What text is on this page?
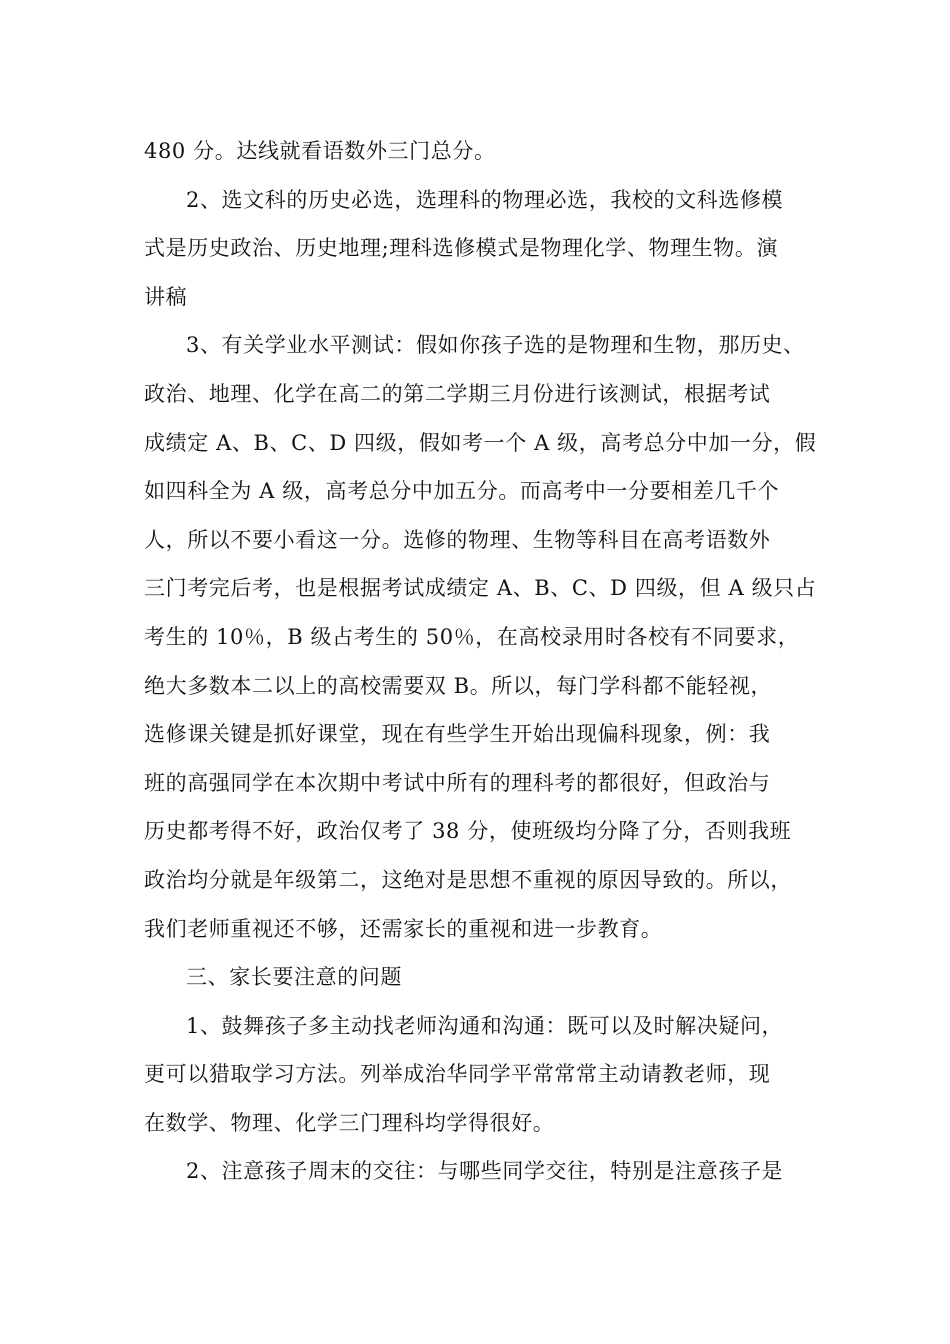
480 分。达线就看语数外三门总分。
2、选文科的历史必选，选理科的物理必选，我校的文科选修模
式是历史政治、历史地理;理科选修模式是物理化学、物理生物。演
讲稿
3、有关学业水平测试：假如你孩子选的是物理和生物，那历史、
政治、地理、化学在高二的第二学期三月份进行该测试，根据考试
成绩定 A、B、C、D 四级，假如考一个 A 级，高考总分中加一分，假
如四科全为 A 级，高考总分中加五分。而高考中一分要相差几千个
人，所以不要小看这一分。选修的物理、生物等科目在高考语数外
三门考完后考，也是根据考试成绩定 A、B、C、D 四级，但 A 级只占
考生的 10％，B 级占考生的 50％，在高校录用时各校有不同要求，
绝大多数本二以上的高校需要双 B。所以，每门学科都不能轻视，
选修课关键是抓好课堂，现在有些学生开始出现偏科现象，例：我
班的高强同学在本次期中考试中所有的理科考的都很好，但政治与
历史都考得不好，政治仅考了 38 分，使班级均分降了分，否则我班
政治均分就是年级第二，这绝对是思想不重视的原因导致的。所以，
我们老师重视还不够，还需家长的重视和进一步教育。
三、家长要注意的问题
1、鼓舞孩子多主动找老师沟通和沟通：既可以及时解决疑问，
更可以猎取学习方法。列举成治华同学平常常常主动请教老师，现
在数学、物理、化学三门理科均学得很好。
2、注意孩子周末的交往：与哪些同学交往，特别是注意孩子是
